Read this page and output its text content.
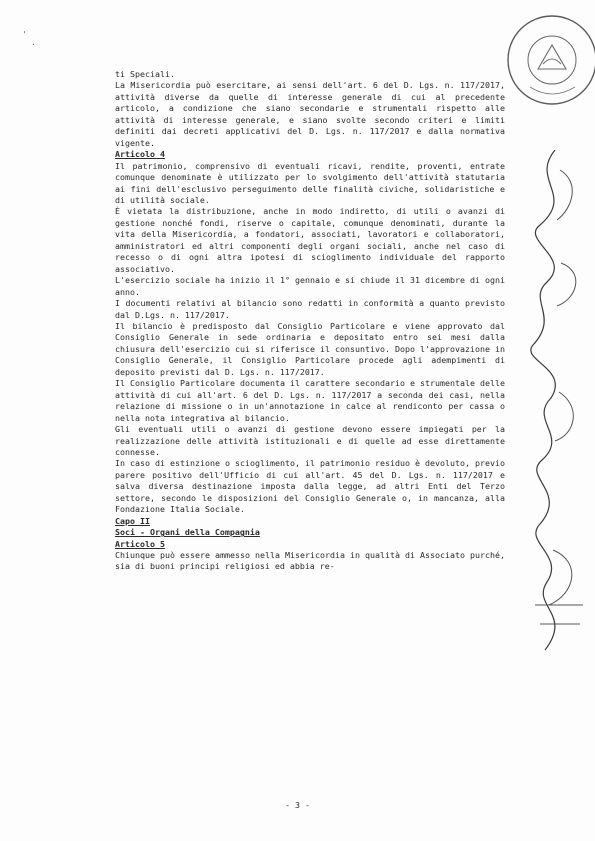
'
.

ti Speciali.

La Misericordia può esercitare, ai sensi dell'art. 6 del D. Lgs. n. 117/2017, attività diverse da quelle di interesse generale di cui al precedente articolo, a condizione che siano secondarie e strumentali rispetto alle attività di interesse generale, e siano svolte secondo criteri e limiti definiti dai decreti applicativi del D. Lgs. n. 117/2017 e dalla normativa vigente.

Articolo 4

Il patrimonio, comprensivo di eventuali ricavi, rendite, proventi, entrate comunque denominate è utilizzato per lo svolgimento dell'attività statutaria ai fini dell'esclusivo perseguimento delle finalità civiche, solidaristiche e di utilità sociale.

È vietata la distribuzione, anche in modo indiretto, di utili o avanzi di gestione nonché fondi, riserve o capitale, comunque denominati, durante la vita della Misericordia, a fondatori, associati, lavoratori e collaboratori, amministratori ed altri componenti degli organi sociali, anche nel caso di recesso o di ogni altra ipotesi di scioglimento individuale del rapporto associativo.

L'esercizio sociale ha inizio il 1° gennaio e si chiude il 31 dicembre di ogni anno.

I documenti relativi al bilancio sono redatti in conformità a quanto previsto dal D.Lgs. n. 117/2017.

Il bilancio è predisposto dal Consiglio Particolare e viene approvato dal Consiglio Generale in sede ordinaria e depositato entro sei mesi dalla chiusura dell'esercizio cui si riferisce il consuntivo. Dopo l'approvazione in Consiglio Generale, il Consiglio Particolare procede agli adempimenti di deposito previsti dal D. Lgs. n. 117/2017.

Il Consiglio Particolare documenta il carattere secondario e strumentale delle attività di cui all'art. 6 del D. Lgs. n. 117/2017 a seconda dei casi, nella relazione di missione o in un'annotazione in calce al rendiconto per cassa o nella nota integrativa al bilancio.

Gli eventuali utili o avanzi di gestione devono essere impiegati per la realizzazione delle attività istituzionali e di quelle ad esse direttamente connesse.

In caso di estinzione o scioglimento, il patrimonio residuo è devoluto, previo parere positivo dell'Ufficio di cui all'art. 45 del D. Lgs. n. 117/2017 e salva diversa destinazione imposta dalla legge, ad altri Enti del Terzo settore, secondo le disposizioni del Consiglio Generale o, in mancanza, alla Fondazione Italia Sociale.

Capo II

Soci - Organi della Compagnia

Articolo 5

Chiunque può essere ammesso nella Misericordia in qualità di Associato purché, sia di buoni principi religiosi ed abbia re-

- 3 -
